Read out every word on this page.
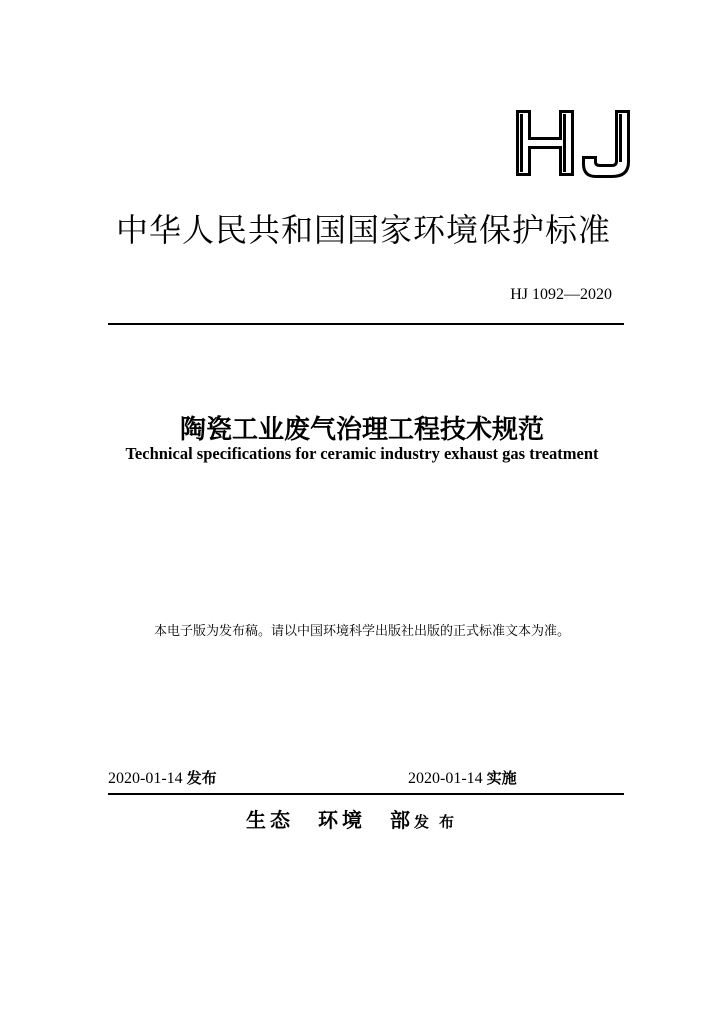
中华人民共和国国家环境保护标准
HJ 1092—2020
陶瓷工业废气治理工程技术规范
Technical specifications for ceramic industry exhaust gas treatment
本电子版为发布稿。请以中国环境科学出版社出版的正式标准文本为准。
2020-01-14 发布	2020-01-14 实施
生态　环境　部发布
